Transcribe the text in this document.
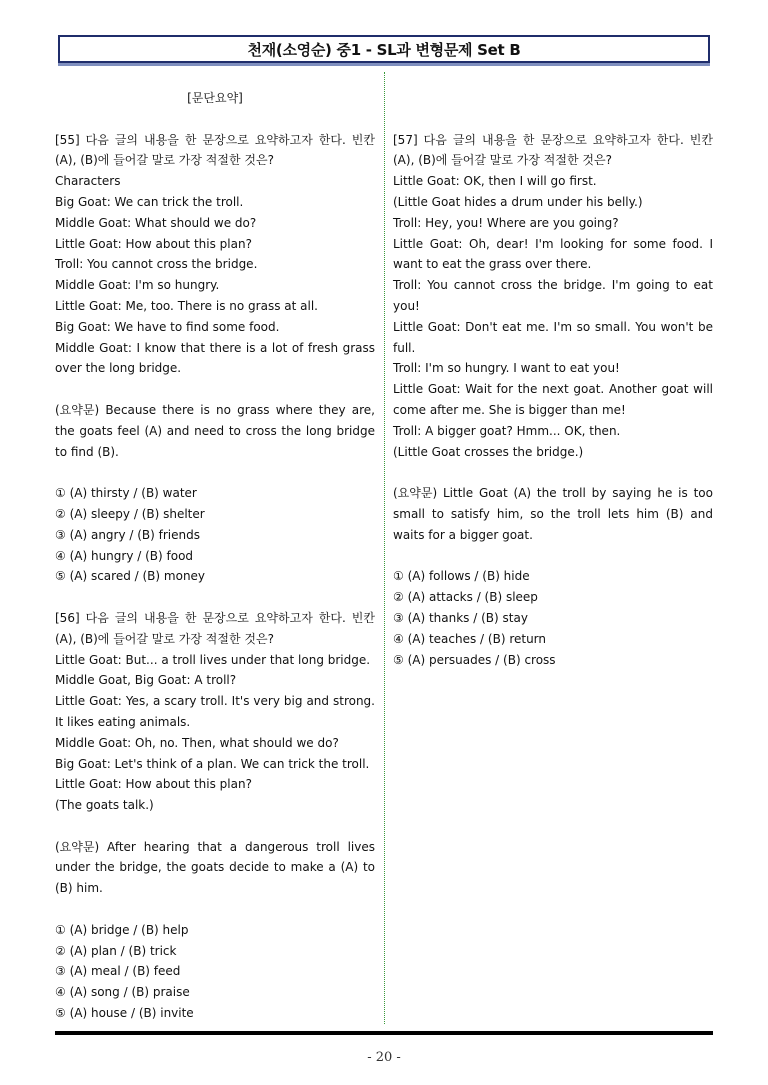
천재(소영순) 중1 - SL과 변형문제 Set B

[문단요약]

[55] 다음 글의 내용을 한 문장으로 요약하고자 한다. 빈칸 (A), (B)에 들어갈 말로 가장 적절한 것은?

Characters

Big Goat: We can trick the troll.

Middle Goat: What should we do?

Little Goat: How about this plan?

Troll: You cannot cross the bridge.

Middle Goat: I'm so hungry.

Little Goat: Me, too. There is no grass at all.

Big Goat: We have to find some food.

Middle Goat: I know that there is a lot of fresh grass over the long bridge.

(요약문) Because there is no grass where they are, the goats feel (A) and need to cross the long bridge to find (B).

① (A) thirsty / (B) water

② (A) sleepy / (B) shelter

③ (A) angry / (B) friends

④ (A) hungry / (B) food

⑤ (A) scared / (B) money

[56] 다음 글의 내용을 한 문장으로 요약하고자 한다. 빈칸 (A), (B)에 들어갈 말로 가장 적절한 것은?

Little Goat: But... a troll lives under that long bridge.

Middle Goat, Big Goat: A troll?

Little Goat: Yes, a scary troll. It's very big and strong. It likes eating animals.

Middle Goat: Oh, no. Then, what should we do?

Big Goat: Let's think of a plan. We can trick the troll.

Little Goat: How about this plan?

(The goats talk.)

(요약문) After hearing that a dangerous troll lives under the bridge, the goats decide to make a (A) to (B) him.

① (A) bridge / (B) help

② (A) plan / (B) trick

③ (A) meal / (B) feed

④ (A) song / (B) praise

⑤ (A) house / (B) invite

[57] 다음 글의 내용을 한 문장으로 요약하고자 한다. 빈칸 (A), (B)에 들어갈 말로 가장 적절한 것은?

Little Goat: OK, then I will go first.

(Little Goat hides a drum under his belly.)

Troll: Hey, you! Where are you going?

Little Goat: Oh, dear! I'm looking for some food. I want to eat the grass over there.

Troll: You cannot cross the bridge. I'm going to eat you!

Little Goat: Don't eat me. I'm so small. You won't be full.

Troll: I'm so hungry. I want to eat you!

Little Goat: Wait for the next goat. Another goat will come after me. She is bigger than me!

Troll: A bigger goat? Hmm... OK, then.

(Little Goat crosses the bridge.)

(요약문) Little Goat (A) the troll by saying he is too small to satisfy him, so the troll lets him (B) and waits for a bigger goat.

① (A) follows / (B) hide

② (A) attacks / (B) sleep

③ (A) thanks / (B) stay

④ (A) teaches / (B) return

⑤ (A) persuades / (B) cross

- 20 -
